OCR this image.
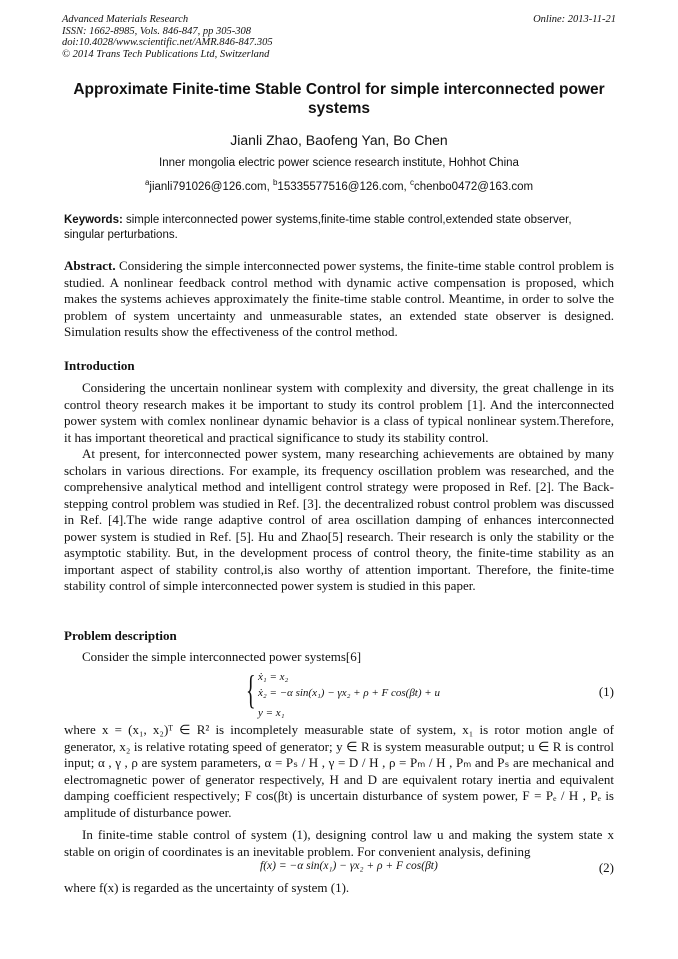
Advanced Materials Research
ISSN: 1662-8985, Vols. 846-847, pp 305-308
doi:10.4028/www.scientific.net/AMR.846-847.305
© 2014 Trans Tech Publications Ltd, Switzerland
Online: 2013-11-21
Approximate Finite-time Stable Control for simple interconnected power systems
Jianli Zhao, Baofeng Yan, Bo Chen
Inner mongolia electric power science research institute, Hohhot China
$^a$jianli791026@126.com, $^b$15335577516@126.com, $^c$chenbo0472@163.com
Keywords: simple interconnected power systems,finite-time stable control,extended state observer, singular perturbations.
Abstract. Considering the simple interconnected power systems, the finite-time stable control problem is studied. A nonlinear feedback control method with dynamic active compensation is proposed, which makes the systems achieves approximately the finite-time stable control. Meantime, in order to solve the problem of system uncertainty and unmeasurable states, an extended state observer is designed. Simulation results show the effectiveness of the control method.
Introduction

Considering the uncertain nonlinear system with complexity and diversity, the great challenge in its control theory research makes it be important to study its control problem [1]. And the interconnected power system with comlex nonlinear dynamic behavior is a class of typical nonlinear system.Therefore, it has important theoretical and practical significance to study its stability control.

At present, for interconnected power system, many researching achievements are obtained by many scholars in various directions. For example, its frequency oscillation problem was researched, and the comprehensive analytical method and intelligent control strategy were proposed in Ref. [2]. The Back-stepping control problem was studied in Ref. [3]. the decentralized robust control problem was discussed in Ref. [4].The wide range adaptive control of area oscillation damping of enhances interconnected power system is studied in Ref. [5]. Hu and Zhao[5] research. Their research is only the stability or the asymptotic stability. But, in the development process of control theory, the finite-time stability as an important aspect of stability control,is also worthy of attention important. Therefore, the finite-time stability control of simple interconnected power system is studied in this paper.

Problem description

Consider the simple interconnected power systems[6]

{ ẋ₁ = x₂
ẋ₂ = −α sin(x₁) − γx₂ + ρ + F cos(βt) + u
y = x₁
(1)
where x = (x₁, x₂)ᵀ ∈ R² is incompletely measurable state of system, x₁ is rotor motion angle of generator, x₂ is relative rotating speed of generator; y ∈ R is system measurable output; u ∈ R is control input; α , γ , ρ are system parameters, α = Pₛ / H , γ = D / H , ρ = Pₘ / H , Pₘ and Pₛ are mechanical and electromagnetic power of generator respectively, H and D are equivalent rotary inertia and equivalent damping coefficient respectively; F cos(βt) is uncertain disturbance of system power, F = Pₑ / H , Pₑ is amplitude of disturbance power.

In finite-time stable control of system (1), designing control law u and making the system state x stable on origin of coordinates is an inevitable problem. For convenient analysis, defining

f(x) = −α sin(x₁) − γx₂ + ρ + F cos(βt)	(2)
where f(x) is regarded as the uncertainty of system (1).
